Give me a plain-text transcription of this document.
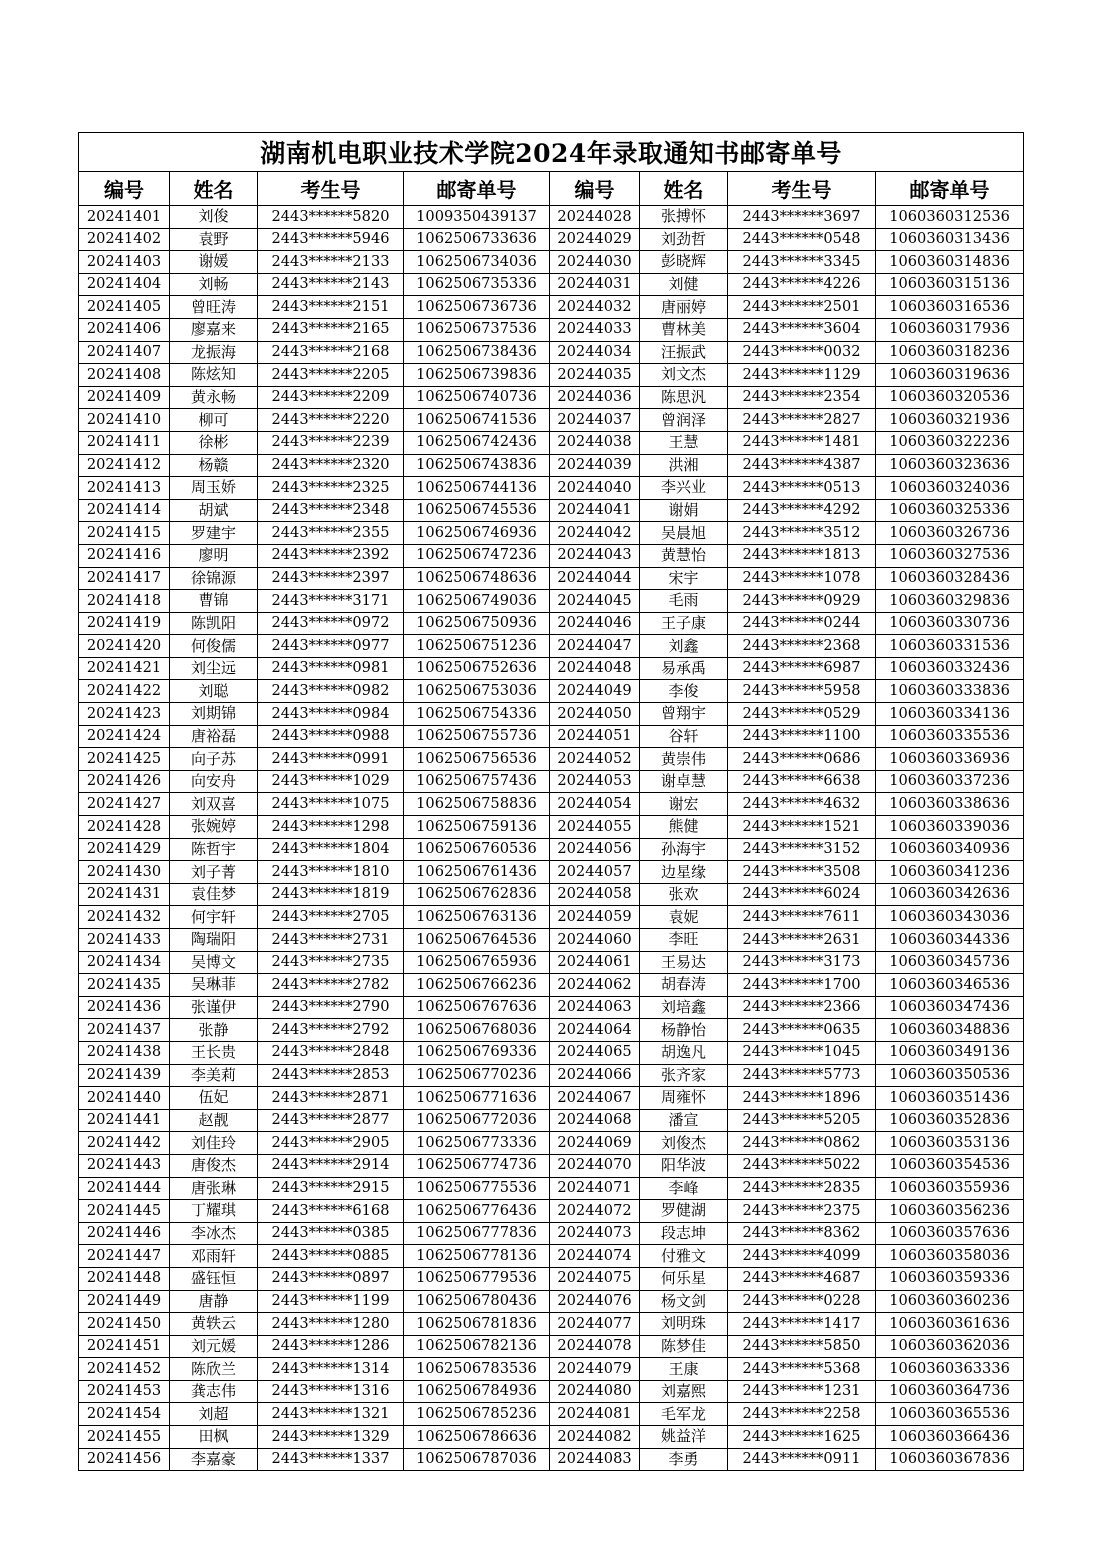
湖南机电职业技术学院2024年录取通知书邮寄单号							
编号	姓名	考生号	邮寄单号	编号	姓名	考生号	邮寄单号
20241401	刘俊	2443******5820	1009350439137	20244028	张搏怀	2443******3697	1060360312536
20241402	袁野	2443******5946	1062506733636	20244029	刘劲哲	2443******0548	1060360313436
20241403	谢媛	2443******2133	1062506734036	20244030	彭晓辉	2443******3345	1060360314836
20241404	刘畅	2443******2143	1062506735336	20244031	刘健	2443******4226	1060360315136
20241405	曾旺涛	2443******2151	1062506736736	20244032	唐丽婷	2443******2501	1060360316536
20241406	廖嘉来	2443******2165	1062506737536	20244033	曹林美	2443******3604	1060360317936
20241407	龙振海	2443******2168	1062506738436	20244034	汪振武	2443******0032	1060360318236
20241408	陈炫知	2443******2205	1062506739836	20244035	刘文杰	2443******1129	1060360319636
20241409	黄永畅	2443******2209	1062506740736	20244036	陈思汎	2443******2354	1060360320536
20241410	柳可	2443******2220	1062506741536	20244037	曾润泽	2443******2827	1060360321936
20241411	徐彬	2443******2239	1062506742436	20244038	王慧	2443******1481	1060360322236
20241412	杨赣	2443******2320	1062506743836	20244039	洪湘	2443******4387	1060360323636
20241413	周玉娇	2443******2325	1062506744136	20244040	李兴业	2443******0513	1060360324036
20241414	胡斌	2443******2348	1062506745536	20244041	谢娟	2443******4292	1060360325336
20241415	罗建宇	2443******2355	1062506746936	20244042	吴晨旭	2443******3512	1060360326736
20241416	廖明	2443******2392	1062506747236	20244043	黄慧怡	2443******1813	1060360327536
20241417	徐锦源	2443******2397	1062506748636	20244044	宋宇	2443******1078	1060360328436
20241418	曹锦	2443******3171	1062506749036	20244045	毛雨	2443******0929	1060360329836
20241419	陈凯阳	2443******0972	1062506750936	20244046	王子康	2443******0244	1060360330736
20241420	何俊儒	2443******0977	1062506751236	20244047	刘鑫	2443******2368	1060360331536
20241421	刘尘远	2443******0981	1062506752636	20244048	易承禹	2443******6987	1060360332436
20241422	刘聪	2443******0982	1062506753036	20244049	李俊	2443******5958	1060360333836
20241423	刘期锦	2443******0984	1062506754336	20244050	曾翔宇	2443******0529	1060360334136
20241424	唐裕磊	2443******0988	1062506755736	20244051	谷轩	2443******1100	1060360335536
20241425	向子苏	2443******0991	1062506756536	20244052	黄崇伟	2443******0686	1060360336936
20241426	向安舟	2443******1029	1062506757436	20244053	谢卓慧	2443******6638	1060360337236
20241427	刘双喜	2443******1075	1062506758836	20244054	谢宏	2443******4632	1060360338636
20241428	张婉婷	2443******1298	1062506759136	20244055	熊健	2443******1521	1060360339036
20241429	陈哲宇	2443******1804	1062506760536	20244056	孙海宇	2443******3152	1060360340936
20241430	刘子菁	2443******1810	1062506761436	20244057	边星缘	2443******3508	1060360341236
20241431	袁佳梦	2443******1819	1062506762836	20244058	张欢	2443******6024	1060360342636
20241432	何宇轩	2443******2705	1062506763136	20244059	袁妮	2443******7611	1060360343036
20241433	陶瑞阳	2443******2731	1062506764536	20244060	李旺	2443******2631	1060360344336
20241434	吴博文	2443******2735	1062506765936	20244061	王易达	2443******3173	1060360345736
20241435	吴琳菲	2443******2782	1062506766236	20244062	胡春涛	2443******1700	1060360346536
20241436	张谨伊	2443******2790	1062506767636	20244063	刘培鑫	2443******2366	1060360347436
20241437	张静	2443******2792	1062506768036	20244064	杨静怡	2443******0635	1060360348836
20241438	王长贵	2443******2848	1062506769336	20244065	胡逸凡	2443******1045	1060360349136
20241439	李美莉	2443******2853	1062506770236	20244066	张齐家	2443******5773	1060360350536
20241440	伍妃	2443******2871	1062506771636	20244067	周雍怀	2443******1896	1060360351436
20241441	赵靓	2443******2877	1062506772036	20244068	潘宣	2443******5205	1060360352836
20241442	刘佳玲	2443******2905	1062506773336	20244069	刘俊杰	2443******0862	1060360353136
20241443	唐俊杰	2443******2914	1062506774736	20244070	阳华波	2443******5022	1060360354536
20241444	唐张琳	2443******2915	1062506775536	20244071	李峰	2443******2835	1060360355936
20241445	丁耀琪	2443******6168	1062506776436	20244072	罗健湖	2443******2375	1060360356236
20241446	李冰杰	2443******0385	1062506777836	20244073	段志坤	2443******8362	1060360357636
20241447	邓雨轩	2443******0885	1062506778136	20244074	付雅文	2443******4099	1060360358036
20241448	盛钰恒	2443******0897	1062506779536	20244075	何乐星	2443******4687	1060360359336
20241449	唐静	2443******1199	1062506780436	20244076	杨文剑	2443******0228	1060360360236
20241450	黄轶云	2443******1280	1062506781836	20244077	刘明珠	2443******1417	1060360361636
20241451	刘元媛	2443******1286	1062506782136	20244078	陈梦佳	2443******5850	1060360362036
20241452	陈欣兰	2443******1314	1062506783536	20244079	王康	2443******5368	1060360363336
20241453	龚志伟	2443******1316	1062506784936	20244080	刘嘉熙	2443******1231	1060360364736
20241454	刘超	2443******1321	1062506785236	20244081	毛军龙	2443******2258	1060360365536
20241455	田枫	2443******1329	1062506786636	20244082	姚益洋	2443******1625	1060360366436
20241456	李嘉豪	2443******1337	1062506787036	20244083	李勇	2443******0911	1060360367836
